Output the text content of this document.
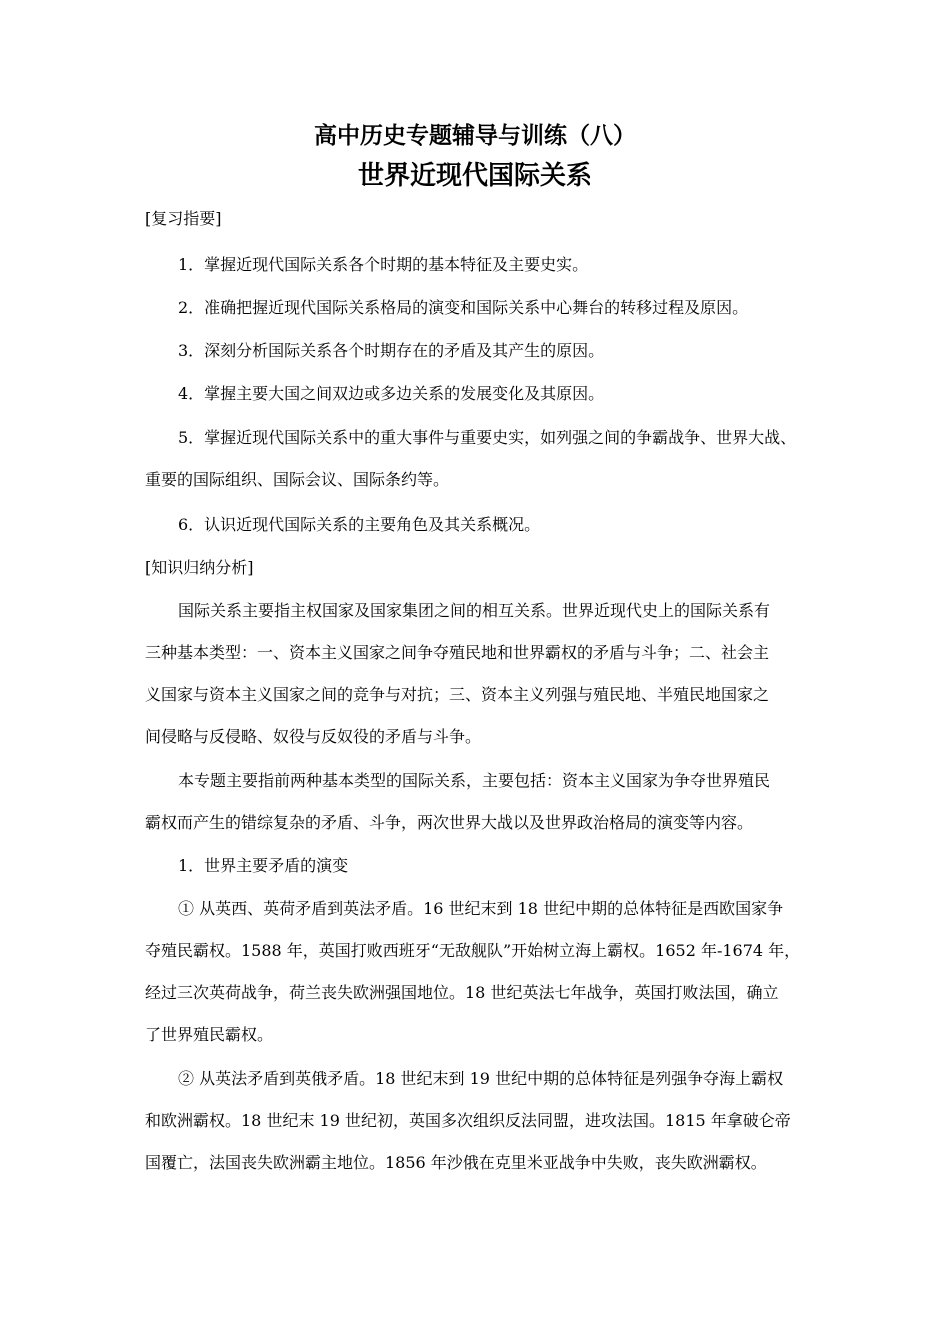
高中历史专题辅导与训练（八）
世界近现代国际关系
[复习指要]
1．掌握近现代国际关系各个时期的基本特征及主要史实。
2．准确把握近现代国际关系格局的演变和国际关系中心舞台的转移过程及原因。
3．深刻分析国际关系各个时期存在的矛盾及其产生的原因。
4．掌握主要大国之间双边或多边关系的发展变化及其原因。
5．掌握近现代国际关系中的重大事件与重要史实，如列强之间的争霸战争、世界大战、
重要的国际组织、国际会议、国际条约等。
6．认识近现代国际关系的主要角色及其关系概况。
[知识归纳分析]
国际关系主要指主权国家及国家集团之间的相互关系。世界近现代史上的国际关系有
三种基本类型：一、资本主义国家之间争夺殖民地和世界霸权的矛盾与斗争；二、社会主
义国家与资本主义国家之间的竞争与对抗；三、资本主义列强与殖民地、半殖民地国家之
间侵略与反侵略、奴役与反奴役的矛盾与斗争。
本专题主要指前两种基本类型的国际关系，主要包括：资本主义国家为争夺世界殖民
霸权而产生的错综复杂的矛盾、斗争，两次世界大战以及世界政治格局的演变等内容。
1．世界主要矛盾的演变
① 从英西、英荷矛盾到英法矛盾。16 世纪末到 18 世纪中期的总体特征是西欧国家争
夺殖民霸权。1588 年，英国打败西班牙“无敌舰队”开始树立海上霸权。1652 年-1674 年，
经过三次英荷战争，荷兰丧失欧洲强国地位。18 世纪英法七年战争，英国打败法国，确立
了世界殖民霸权。
② 从英法矛盾到英俄矛盾。18 世纪末到 19 世纪中期的总体特征是列强争夺海上霸权
和欧洲霸权。18 世纪末 19 世纪初，英国多次组织反法同盟，进攻法国。1815 年拿破仑帝
国覆亡，法国丧失欧洲霸主地位。1856 年沙俄在克里米亚战争中失败，丧失欧洲霸权。
